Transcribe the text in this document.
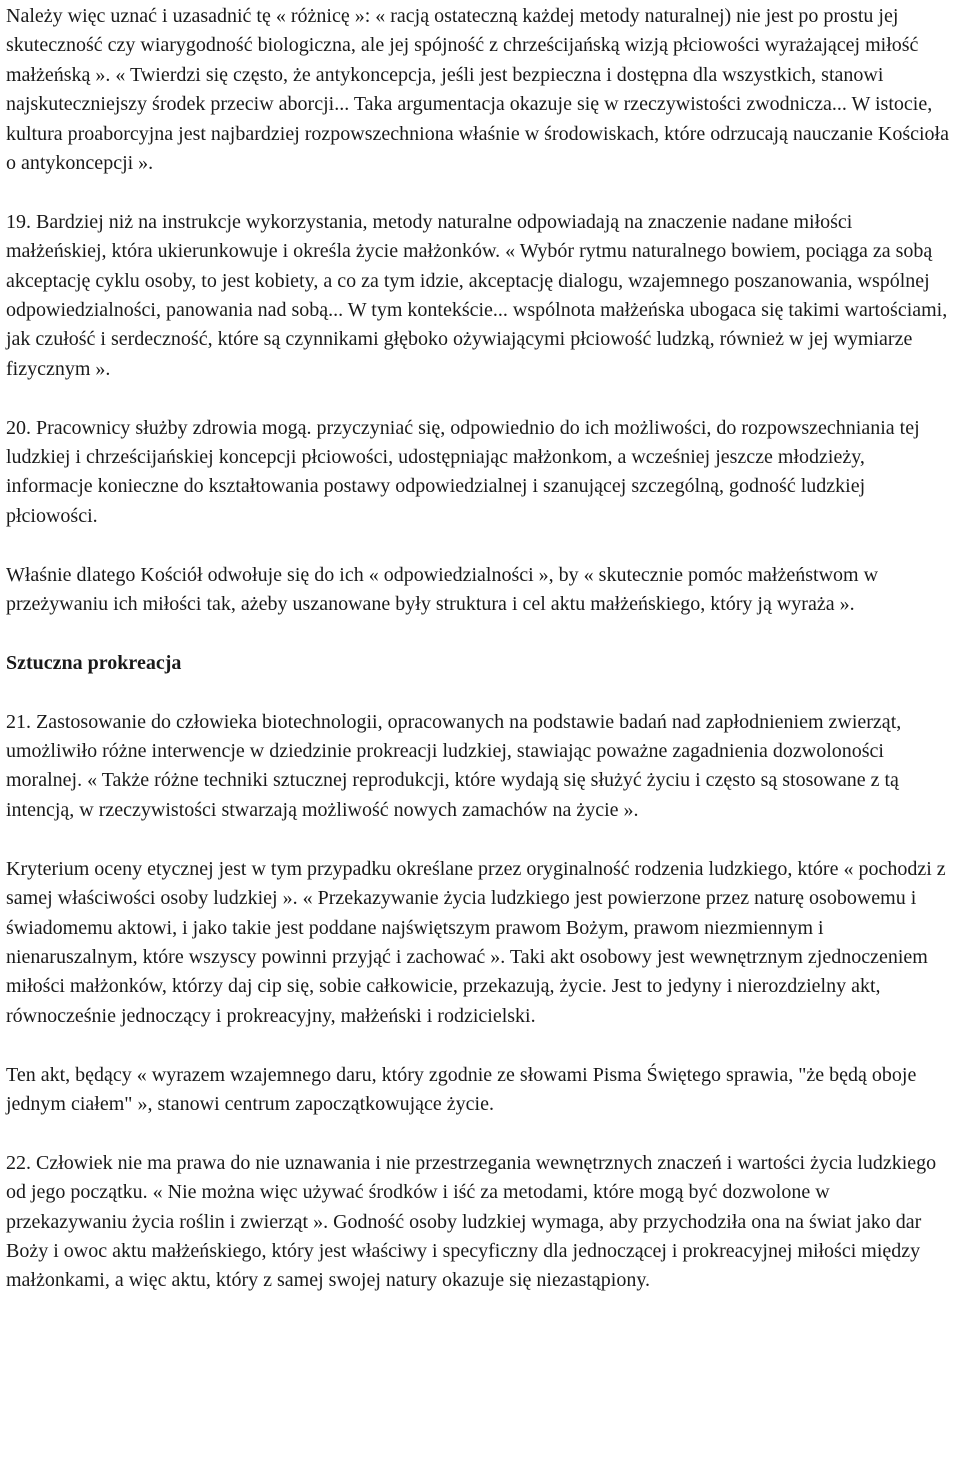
Należy więc uznać i uzasadnić tę « różnicę »: « racją ostateczną każdej metody naturalnej) nie jest po prostu jej skuteczność czy wiarygodność biologiczna, ale jej spójność z chrześcijańską wizją płciowości wyrażającej miłość małżeńską ». « Twierdzi się często, że antykoncepcja, jeśli jest bezpieczna i dostępna dla wszystkich, stanowi najskuteczniejszy środek przeciw aborcji... Taka argumentacja okazuje się w rzeczywistości zwodnicza... W istocie, kultura proaborcyjna jest najbardziej rozpowszechniona właśnie w środowiskach, które odrzucają nauczanie Kościoła o antykoncepcji ».

19. Bardziej niż na instrukcje wykorzystania, metody naturalne odpowiadają na znaczenie nadane miłości małżeńskiej, która ukierunkowuje i określa życie małżonków. « Wybór rytmu naturalnego bowiem, pociąga za sobą akceptację cyklu osoby, to jest kobiety, a co za tym idzie, akceptację dialogu, wzajemnego poszanowania, wspólnej odpowiedzialności, panowania nad sobą... W tym kontekście... wspólnota małżeńska ubogaca się takimi wartościami, jak czułość i serdeczność, które są czynnikami głęboko ożywiającymi płciowość ludzką, również w jej wymiarze fizycznym ».

20. Pracownicy służby zdrowia mogą. przyczyniać się, odpowiednio do ich możliwości, do rozpowszechniania tej ludzkiej i chrześcijańskiej koncepcji płciowości, udostępniając małżonkom, a wcześniej jeszcze młodzieży, informacje konieczne do kształtowania postawy odpowiedzialnej i szanującej szczególną, godność ludzkiej płciowości.

Właśnie dlatego Kościół odwołuje się do ich « odpowiedzialności », by « skutecznie pomóc małżeństwom w przeżywaniu ich miłości tak, ażeby uszanowane były struktura i cel aktu małżeńskiego, który ją wyraża ».

Sztuczna prokreacja

21. Zastosowanie do człowieka biotechnologii, opracowanych na podstawie badań nad zapłodnieniem zwierząt, umożliwiło różne interwencje w dziedzinie prokreacji ludzkiej, stawiając poważne zagadnienia dozwoloności moralnej. « Także różne techniki sztucznej reprodukcji, które wydają się służyć życiu i często są stosowane z tą intencją, w rzeczywistości stwarzają możliwość nowych zamachów na życie ».

Kryterium oceny etycznej jest w tym przypadku określane przez oryginalność rodzenia ludzkiego, które « pochodzi z samej właściwości osoby ludzkiej ». « Przekazywanie życia ludzkiego jest powierzone przez naturę osobowemu i świadomemu aktowi, i jako takie jest poddane najświętszym prawom Bożym, prawom niezmiennym i nienaruszalnym, które wszyscy powinni przyjąć i zachować ». Taki akt osobowy jest wewnętrznym zjednoczeniem miłości małżonków, którzy daj cip się, sobie całkowicie, przekazują, życie. Jest to jedyny i nierozdzielny akt, równocześnie jednoczący i prokreacyjny, małżeński i rodzicielski.

Ten akt, będący « wyrazem wzajemnego daru, który zgodnie ze słowami Pisma Świętego sprawia, "że będą oboje jednym ciałem" », stanowi centrum zapoczątkowujące życie.

22. Człowiek nie ma prawa do nie uznawania i nie przestrzegania wewnętrznych znaczeń i wartości życia ludzkiego od jego początku. « Nie można więc używać środków i iść za metodami, które mogą być dozwolone w przekazywaniu życia roślin i zwierząt ». Godność osoby ludzkiej wymaga, aby przychodziła ona na świat jako dar Boży i owoc aktu małżeńskiego, który jest właściwy i specyficzny dla jednoczącej i prokreacyjnej miłości między małżonkami, a więc aktu, który z samej swojej natury okazuje się niezastąpiony.
